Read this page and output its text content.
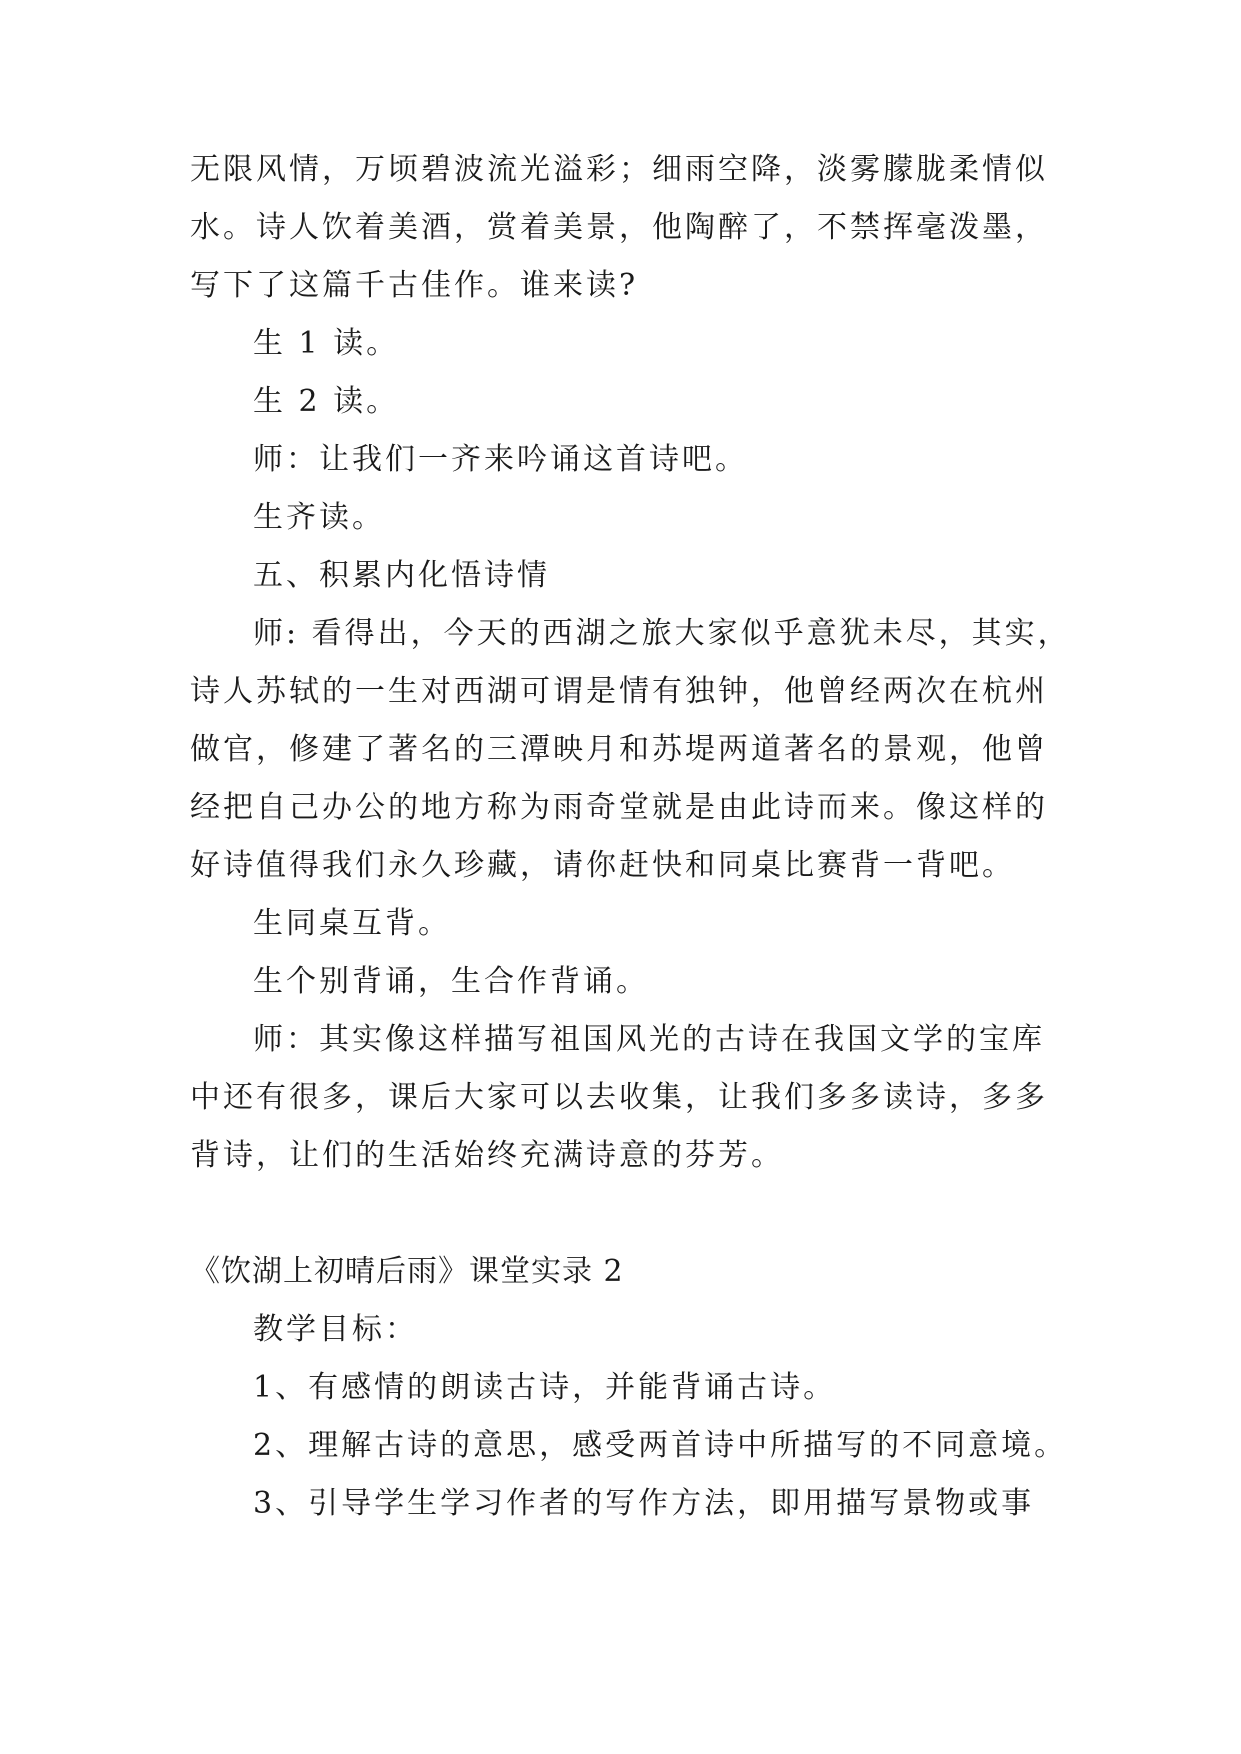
无限风情，万顷碧波流光溢彩；细雨空降，淡雾朦胧柔情似
水。诗人饮着美酒，赏着美景，他陶醉了，不禁挥毫泼墨，
写下了这篇千古佳作。谁来读?
生 1 读。
生 2 读。
师：让我们一齐来吟诵这首诗吧。
生齐读。
五、积累内化悟诗情
师: 看得出，今天的西湖之旅大家似乎意犹未尽，其实，
诗人苏轼的一生对西湖可谓是情有独钟，他曾经两次在杭州
做官，修建了著名的三潭映月和苏堤两道著名的景观，他曾
经把自己办公的地方称为雨奇堂就是由此诗而来。像这样的
好诗值得我们永久珍藏，请你赶快和同桌比赛背一背吧。
生同桌互背。
生个别背诵，生合作背诵。
师：其实像这样描写祖国风光的古诗在我国文学的宝库
中还有很多，课后大家可以去收集，让我们多多读诗，多多
背诗，让们的生活始终充满诗意的芬芳。
《饮湖上初晴后雨》课堂实录 2
教学目标：
1、有感情的朗读古诗，并能背诵古诗。
2、理解古诗的意思，感受两首诗中所描写的不同意境。
3、引导学生学习作者的写作方法，即用描写景物或事
